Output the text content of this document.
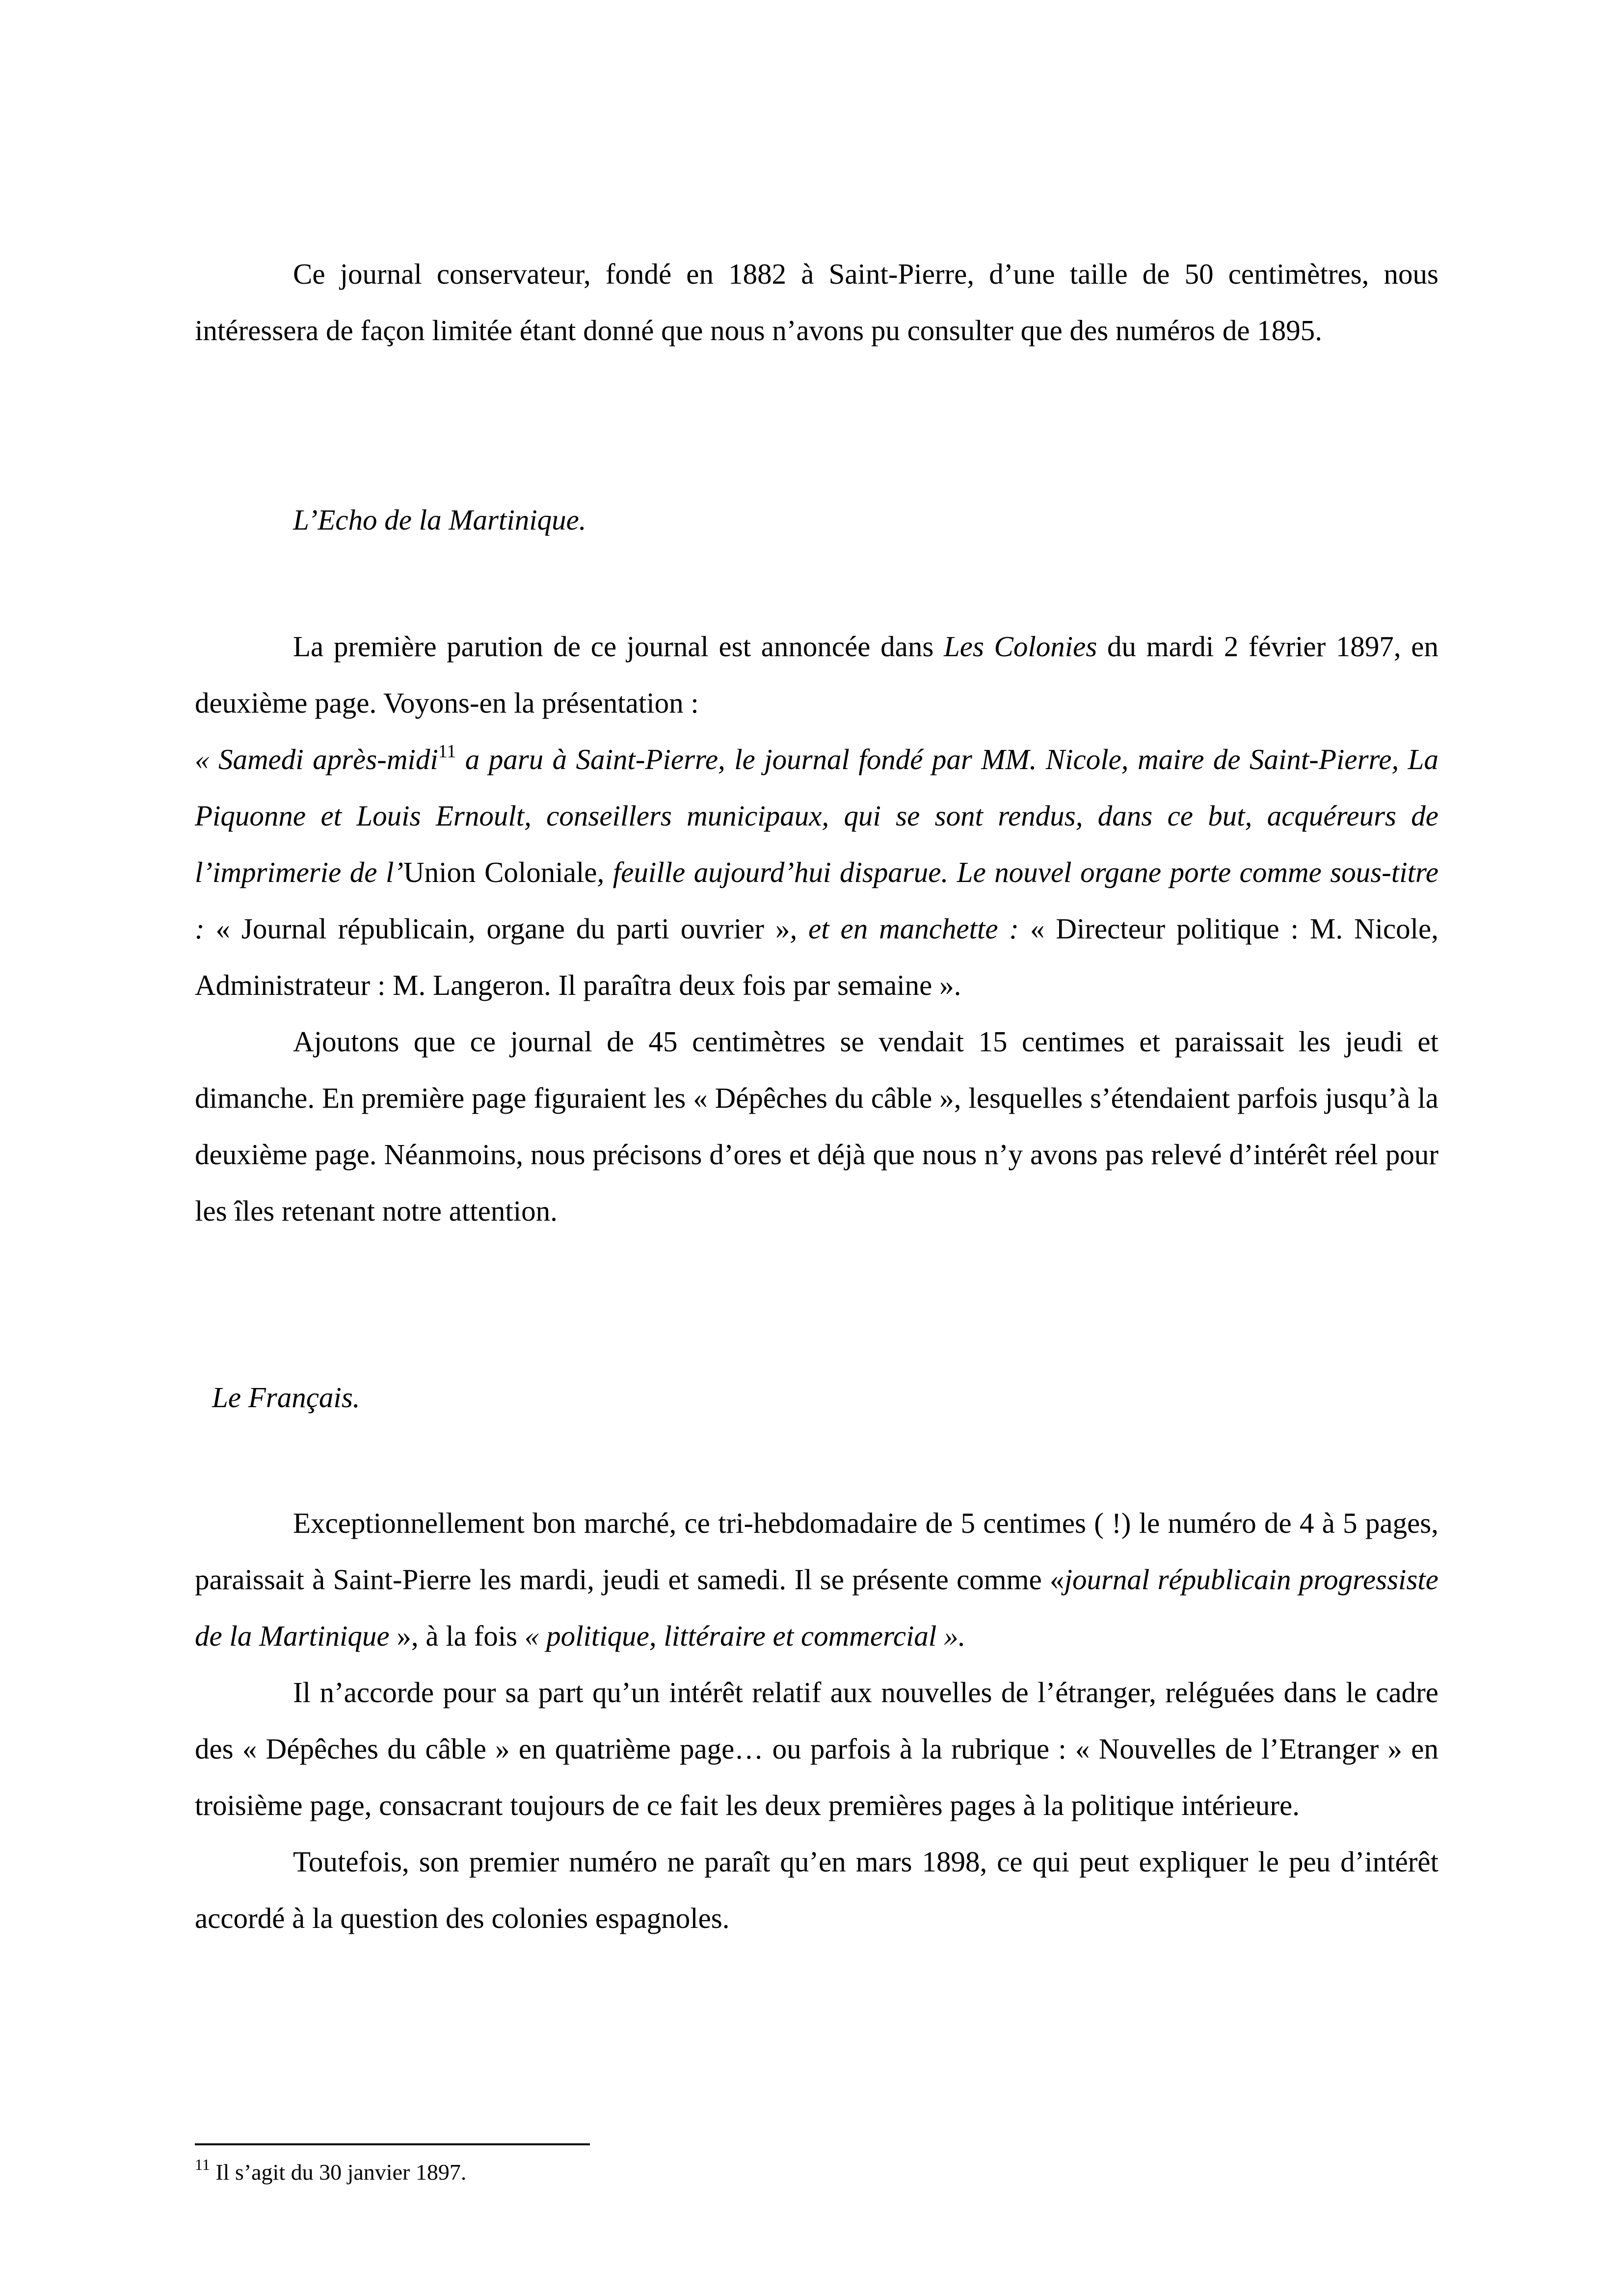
Ce journal conservateur, fondé en 1882 à Saint-Pierre, d’une taille de 50 centimètres, nous intéressera de façon limitée étant donné que nous n’avons pu consulter que des numéros de 1895.

L’Echo de la Martinique.

La première parution de ce journal est annoncée dans Les Colonies du mardi 2 février 1897, en deuxième page. Voyons-en la présentation :

« Samedi après-midi$^{11}$ a paru à Saint-Pierre, le journal fondé par MM. Nicole, maire de Saint-Pierre, La Piquonne et Louis Ernoult, conseillers municipaux, qui se sont rendus, dans ce but, acquéreurs de l’imprimerie de l’Union Coloniale, feuille aujourd’hui disparue. Le nouvel organe porte comme sous-titre : « Journal républicain, organe du parti ouvrier », et en manchette : « Directeur politique : M. Nicole, Administrateur : M. Langeron. Il paraîtra deux fois par semaine ».

Ajoutons que ce journal de 45 centimètres se vendait 15 centimes et paraissait les jeudi et dimanche. En première page figuraient les « Dépêches du câble », lesquelles s’étendaient parfois jusqu’à la deuxième page. Néanmoins, nous précisons d’ores et déjà que nous n’y avons pas relevé d’intérêt réel pour les îles retenant notre attention.

Le Français.

Exceptionnellement bon marché, ce tri-hebdomadaire de 5 centimes ( !) le numéro de 4 à 5 pages, paraissait à Saint-Pierre les mardi, jeudi et samedi. Il se présente comme «journal républicain progressiste de la Martinique », à la fois « politique, littéraire et commercial ».

Il n’accorde pour sa part qu’un intérêt relatif aux nouvelles de l’étranger, reléguées dans le cadre des « Dépêches du câble » en quatrième page… ou parfois à la rubrique : « Nouvelles de l’Etranger » en troisième page, consacrant toujours de ce fait les deux premières pages à la politique intérieure.

Toutefois, son premier numéro ne paraît qu’en mars 1898, ce qui peut expliquer le peu d’intérêt accordé à la question des colonies espagnoles.

$^{11}$ Il s’agit du 30 janvier 1897.
